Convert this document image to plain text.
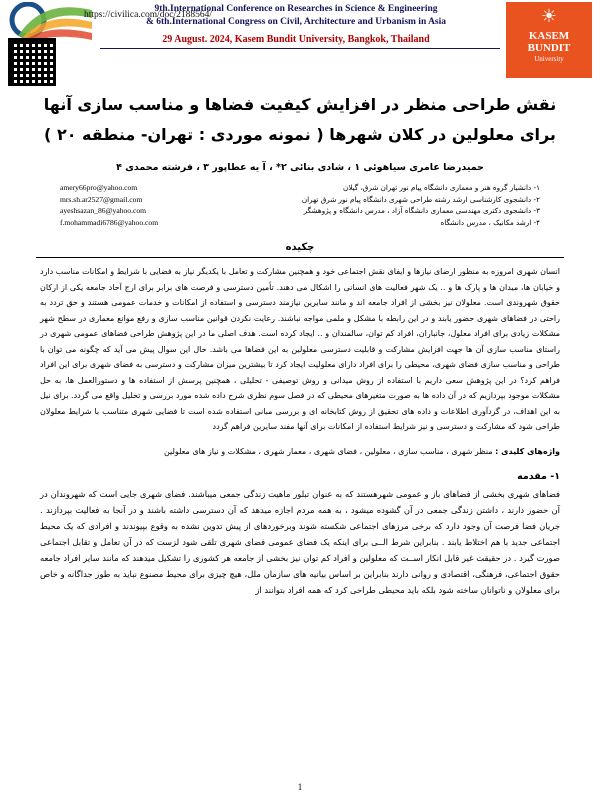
https://civilica.com/doc/2188564/
9th.International Conference on Researches in Science & Engineering
& 6th.International Congress on Civil, Architecture and Urbanism in Asia
29 August. 2024, Kasem Bundit University, Bangkok, Thailand
☀
KASEM
BUNDIT
University
نقش طراحی منظر در افزایش کیفیت فضاها و مناسب سازی آنها برای معلولین در کلان شهرها ( نمونه موردی : تهران- منطقه ۲۰ )
حمیدرضا عامری سیاهوئی ۱ ، شادی بنائی ۲* ، آ یه عطاپور ۳ ، فرشته محمدی ۴
۱- دانشیار گروه هنر و معماری دانشگاه پیام نور تهران شرق، گیلان
amery66pro@yahoo.com
۲- دانشجوی کارشناسی ارشد رشته طراحی شهری دانشگاه پیام نور شرق تهران
mrs.sh.ar2527@gmail.com
۳- دانشجوی دکتری مهندسی معماری دانشگاه آزاد ، مدرس دانشگاه و پژوهشگر
ayeshsazan_86@yahoo.com
۴- ارشد مکانیک ، مدرس دانشگاه
f.mohammadi6786@yahoo.com
چکیده
انسان شهری امروزه به منظور ارضای نیازها و ایفای نقش اجتماعی خود و همچنین مشارکت و تعامل با یکدیگر نیاز به فضایی با شرایط و امکانات مناسب دارد و خیابان ها، میدان ها و پارک ها و .. یک شهر فعالیت های انسانی را اشکال می دهند. تأمین دسترسی و فرصت های برابر برای ارج آحاد جامعه یکی از ارکان حقوق شهروندی است. معلولان نیز بخشی از افراد جامعه اند و مانند سایرین نیازمند دسترسی و استفاده از امکانات و خدمات عمومی هستند و حق تردد به راحتی در فضاهای شهری حضور یابند و در این رابطه با مشکل و ملمی مواجه نباشند. رعایت نکردن قوانین مناسب سازی و رفع موانع معماری در سطح شهر مشکلات زیادی برای افراد معلول، جانباران، افراد کم توان، سالمندان و .. ایجاد کرده است. هدف اصلی ما در این پژوهش طراحی فضاهای عمومی شهری در راستای مناسب سازی آن ها جهت افزایش مشارکت و قابلیت دسترسی معلولین به این فضاها می باشد. حال این سوال پیش می آید که چگونه می توان با طراحی و مناسب سازی فضای شهری، محیطی را برای افراد دارای معلولیت ایجاد کرد تا بیشترین میزان مشارکت و دسترسی به فضای شهری برای این افراد فراهم کرد؟ در این پژوهش سعی داریم با استفاده از روش میدانی و روش توصیفی - تحلیلی ، همچنین پرسش از استفاده ها و دستورالعمل ها، به حل مشکلات موجود بپردازیم که در آن داده ها به صورت متغیرهای محیطی که در فصل سوم نظری شرح داده شده مورد بررسی و تحلیل واقع می گردد. برای نیل به این اهداف، در گردآوری اطلاعات و داده های تحقیق از روش کتابخانه ای و بررسی مبانی استفاده شده است تا فضایی شهری متناسب با شرایط معلولان طراحی شود که مشارکت و دسترسی و نیز شرایط استفاده از امکانات برای آنها مفند سایرین فراهم گردد
واژه‌های کلیدی : منظر شهری ، مناسب سازی ، معلولین ، فضای شهری ، معمار شهری ، مشکلات و نیاز های معلولین
۱- مقدمه
فضاهای شهری بخشی از فضاهای باز و عمومی شهرهستند که به عنوان تبلور ماهیت زندگی جمعی میباشند. فضای شهری جایی است که شهروندان در آن حضور دارند ، داشتن زندگی جمعی در آن گشوده میشود ، به همه مردم اجازه میدهد که آن دسترسی داشته باشند و در آنجا به فعالیت بپردازند . جریان فضا فرصت آن وجود دارد که برخی مرزهای اجتماعی شکسته شوند وبرخوردهای از پیش تدوین نشده به وقوع بپیوندند و افرادی که یک محیط اجتماعی جدید با هم اختلاط یابند . بنابراین شرط الــی برای اینکه یک فضای عمومی فضای شهری تلقی شود لزست که در آن تعامل و تقابل اجتماعی صورت گیرد . در حقیقت غیر قابل انکار اســت که معلولین و افراد کم توان نیز بخشی از جامعه هر کشوری را تشکیل میدهند که مانند سایر افراد جامعه حقوق اجتماعی، فرهنگی، اقتصادی و روانی دارند بنابراین بر اساس بیانیه های سازمان ملل، هیچ چیزی برای محیط مصنوع نباید به طور جداگانه و خاص برای معلولان و ناتوانان ساخته شود بلکه باید محیطی طراحی کرد که همه افراد بتوانند از
1
